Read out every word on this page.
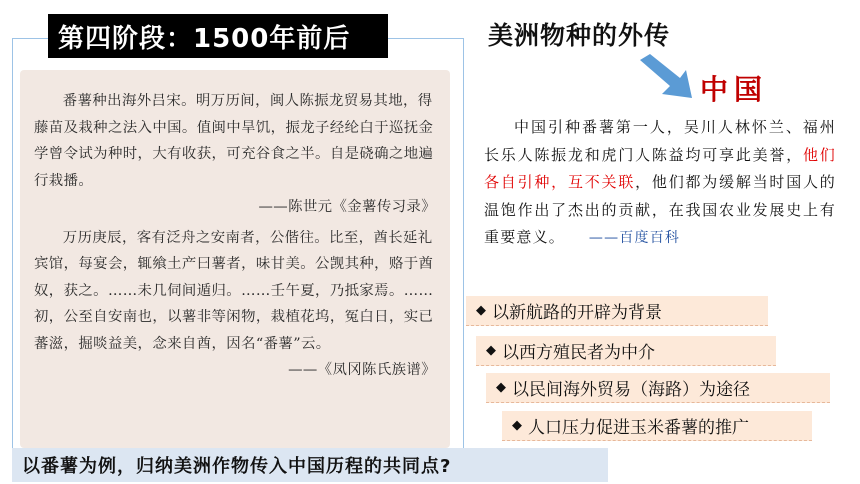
第四阶段：1500年前后

番薯种出海外吕宋。明万历间，闽人陈振龙贸易其地，得藤苗及栽种之法入中国。值闽中旱饥，振龙子经纶白于巡抚金学曾令试为种时，大有收获，可充谷食之半。自是硗确之地遍行栽播。

——陈世元《金薯传习录》

万历庚辰，客有泛舟之安南者，公偕往。比至，酋长延礼宾馆，每宴会，辄飨土产曰薯者，味甘美。公觊其种，赂于酋奴，获之。……未几伺间遁归。……壬午夏，乃抵家焉。……初，公至自安南也，以薯非等闲物，栽植花坞，冤白日，实已蕃滋，掘啖益美，念来自酋，因名“番薯”云。

——《凤冈陈氏族谱》

美洲物种的外传
中国
中国引种番薯第一人，吴川人林怀兰、福州长乐人陈振龙和虎门人陈益均可享此美誉，他们各自引种，互不关联，他们都为缓解当时国人的温饱作出了杰出的贡献，在我国农业发展史上有重要意义。 ——百度百科
◆ 以新航路的开辟为背景
◆ 以西方殖民者为中介
◆ 以民间海外贸易（海路）为途径
◆ 人口压力促进玉米番薯的推广
以番薯为例，归纳美洲作物传入中国历程的共同点?
